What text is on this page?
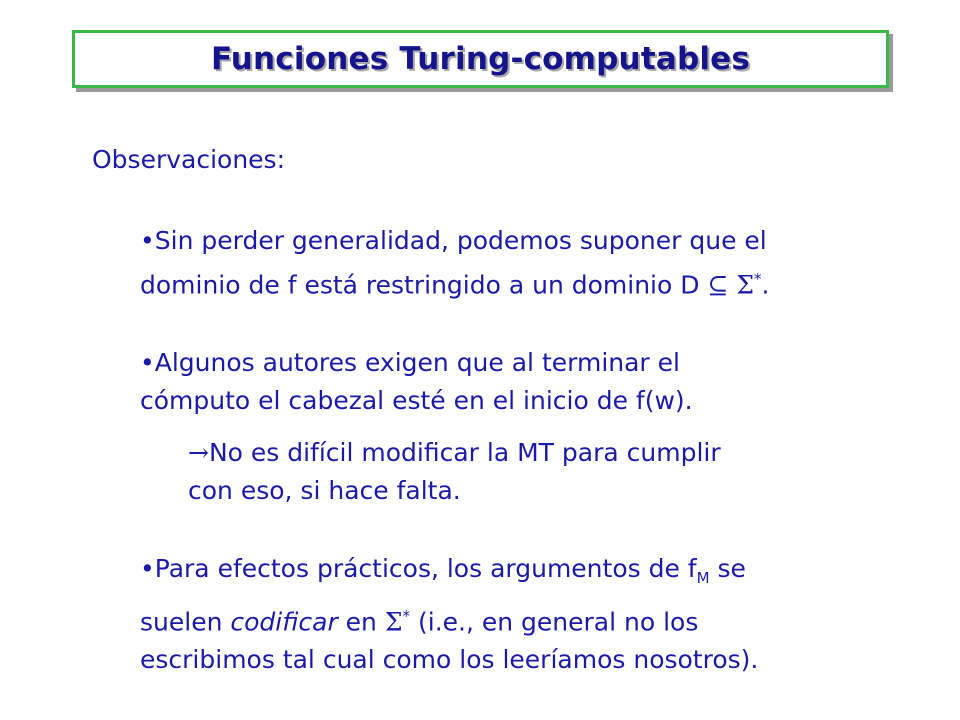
Funciones Turing-computables
Observaciones:

•Sin perder generalidad, podemos suponer que el
dominio de f está restringido a un dominio D ⊆ Σ*.

•Algunos autores exigen que al terminar el
cómputo el cabezal esté en el inicio de f(w).

→No es difícil modificar la MT para cumplir
con eso, si hace falta.

•Para efectos prácticos, los argumentos de $f_M$ se
suelen codificar en Σ* (i.e., en general no los
escribimos tal cual como los leeríamos nosotros).
